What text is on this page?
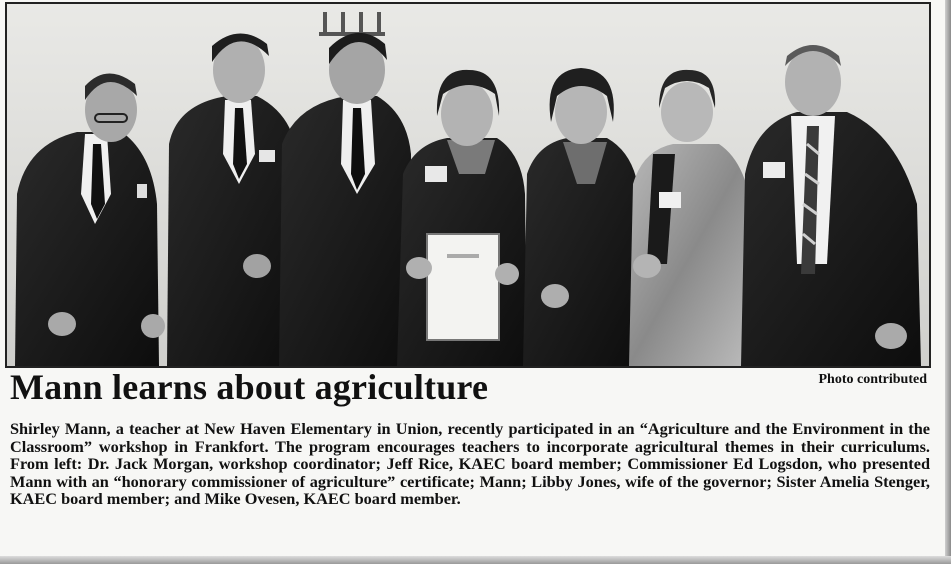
Mann learns about agriculture	Photo contributed
Shirley Mann, a teacher at New Haven Elementary in Union, recently participated in an “Agriculture and the Environment in the Classroom” workshop in Frankfort. The program encourages teachers to incorporate agricultural themes in their curriculums. From left: Dr. Jack Morgan, workshop coordinator; Jeff Rice, KAEC board member; Commissioner Ed Logsdon, who presented Mann with an “honorary commissioner of agriculture” certificate; Mann; Libby Jones, wife of the governor; Sister Amelia Stenger, KAEC board member; and Mike Ovesen, KAEC board member.
